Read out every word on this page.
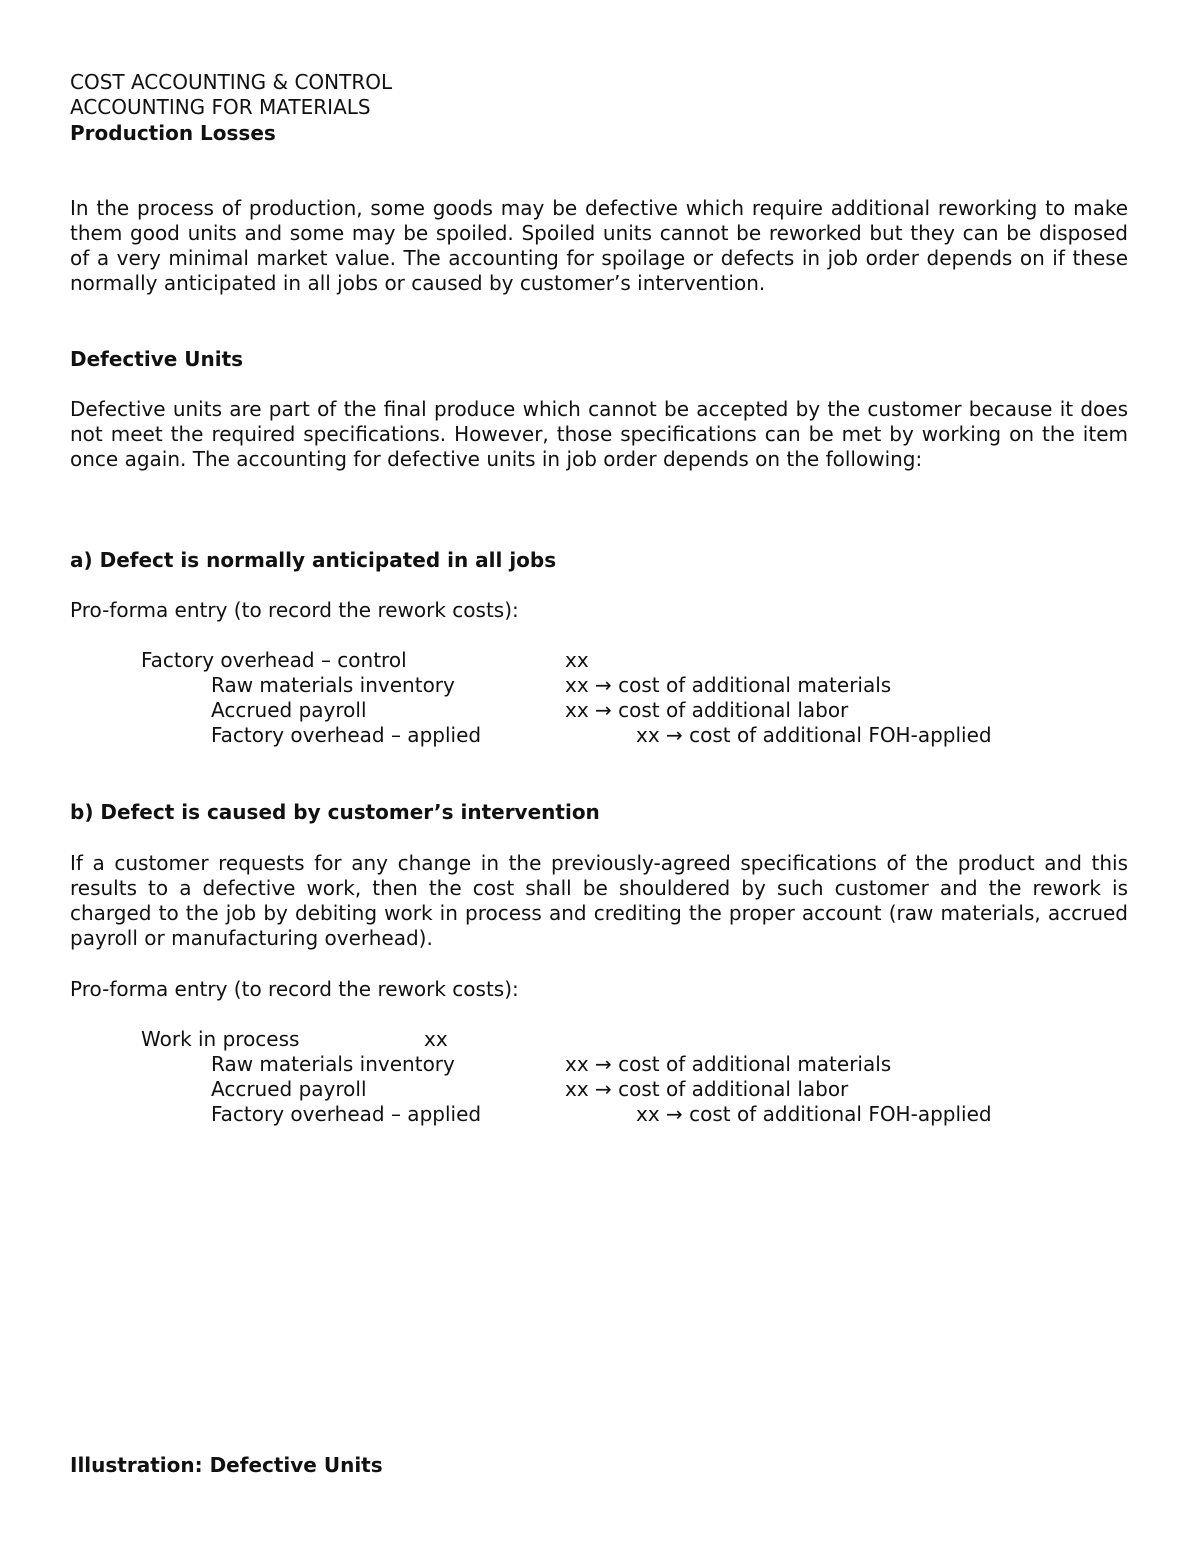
COST ACCOUNTING & CONTROL
ACCOUNTING FOR MATERIALS
Production Losses

In the process of production, some goods may be defective which require additional reworking to make them good units and some may be spoiled. Spoiled units cannot be reworked but they can be disposed of a very minimal market value. The accounting for spoilage or defects in job order depends on if these normally anticipated in all jobs or caused by customer’s intervention.

Defective Units

Defective units are part of the final produce which cannot be accepted by the customer because it does not meet the required specifications. However, those specifications can be met by working on the item once again. The accounting for defective units in job order depends on the following:

a) Defect is normally anticipated in all jobs
Pro-forma entry (to record the rework costs):
Factory overhead – control	xx
Raw materials inventory	xx → cost of additional materials
Accrued payroll	xx → cost of additional labor
Factory overhead – applied	xx → cost of additional FOH-applied
b) Defect is caused by customer’s intervention

If a customer requests for any change in the previously-agreed specifications of the product and this results to a defective work, then the cost shall be shouldered by such customer and the rework is charged to the job by debiting work in process and crediting the proper account (raw materials, accrued payroll or manufacturing overhead).

Pro-forma entry (to record the rework costs):
Work in process	xx
Raw materials inventory	xx → cost of additional materials
Accrued payroll	xx → cost of additional labor
Factory overhead – applied	xx → cost of additional FOH-applied
Illustration: Defective Units
